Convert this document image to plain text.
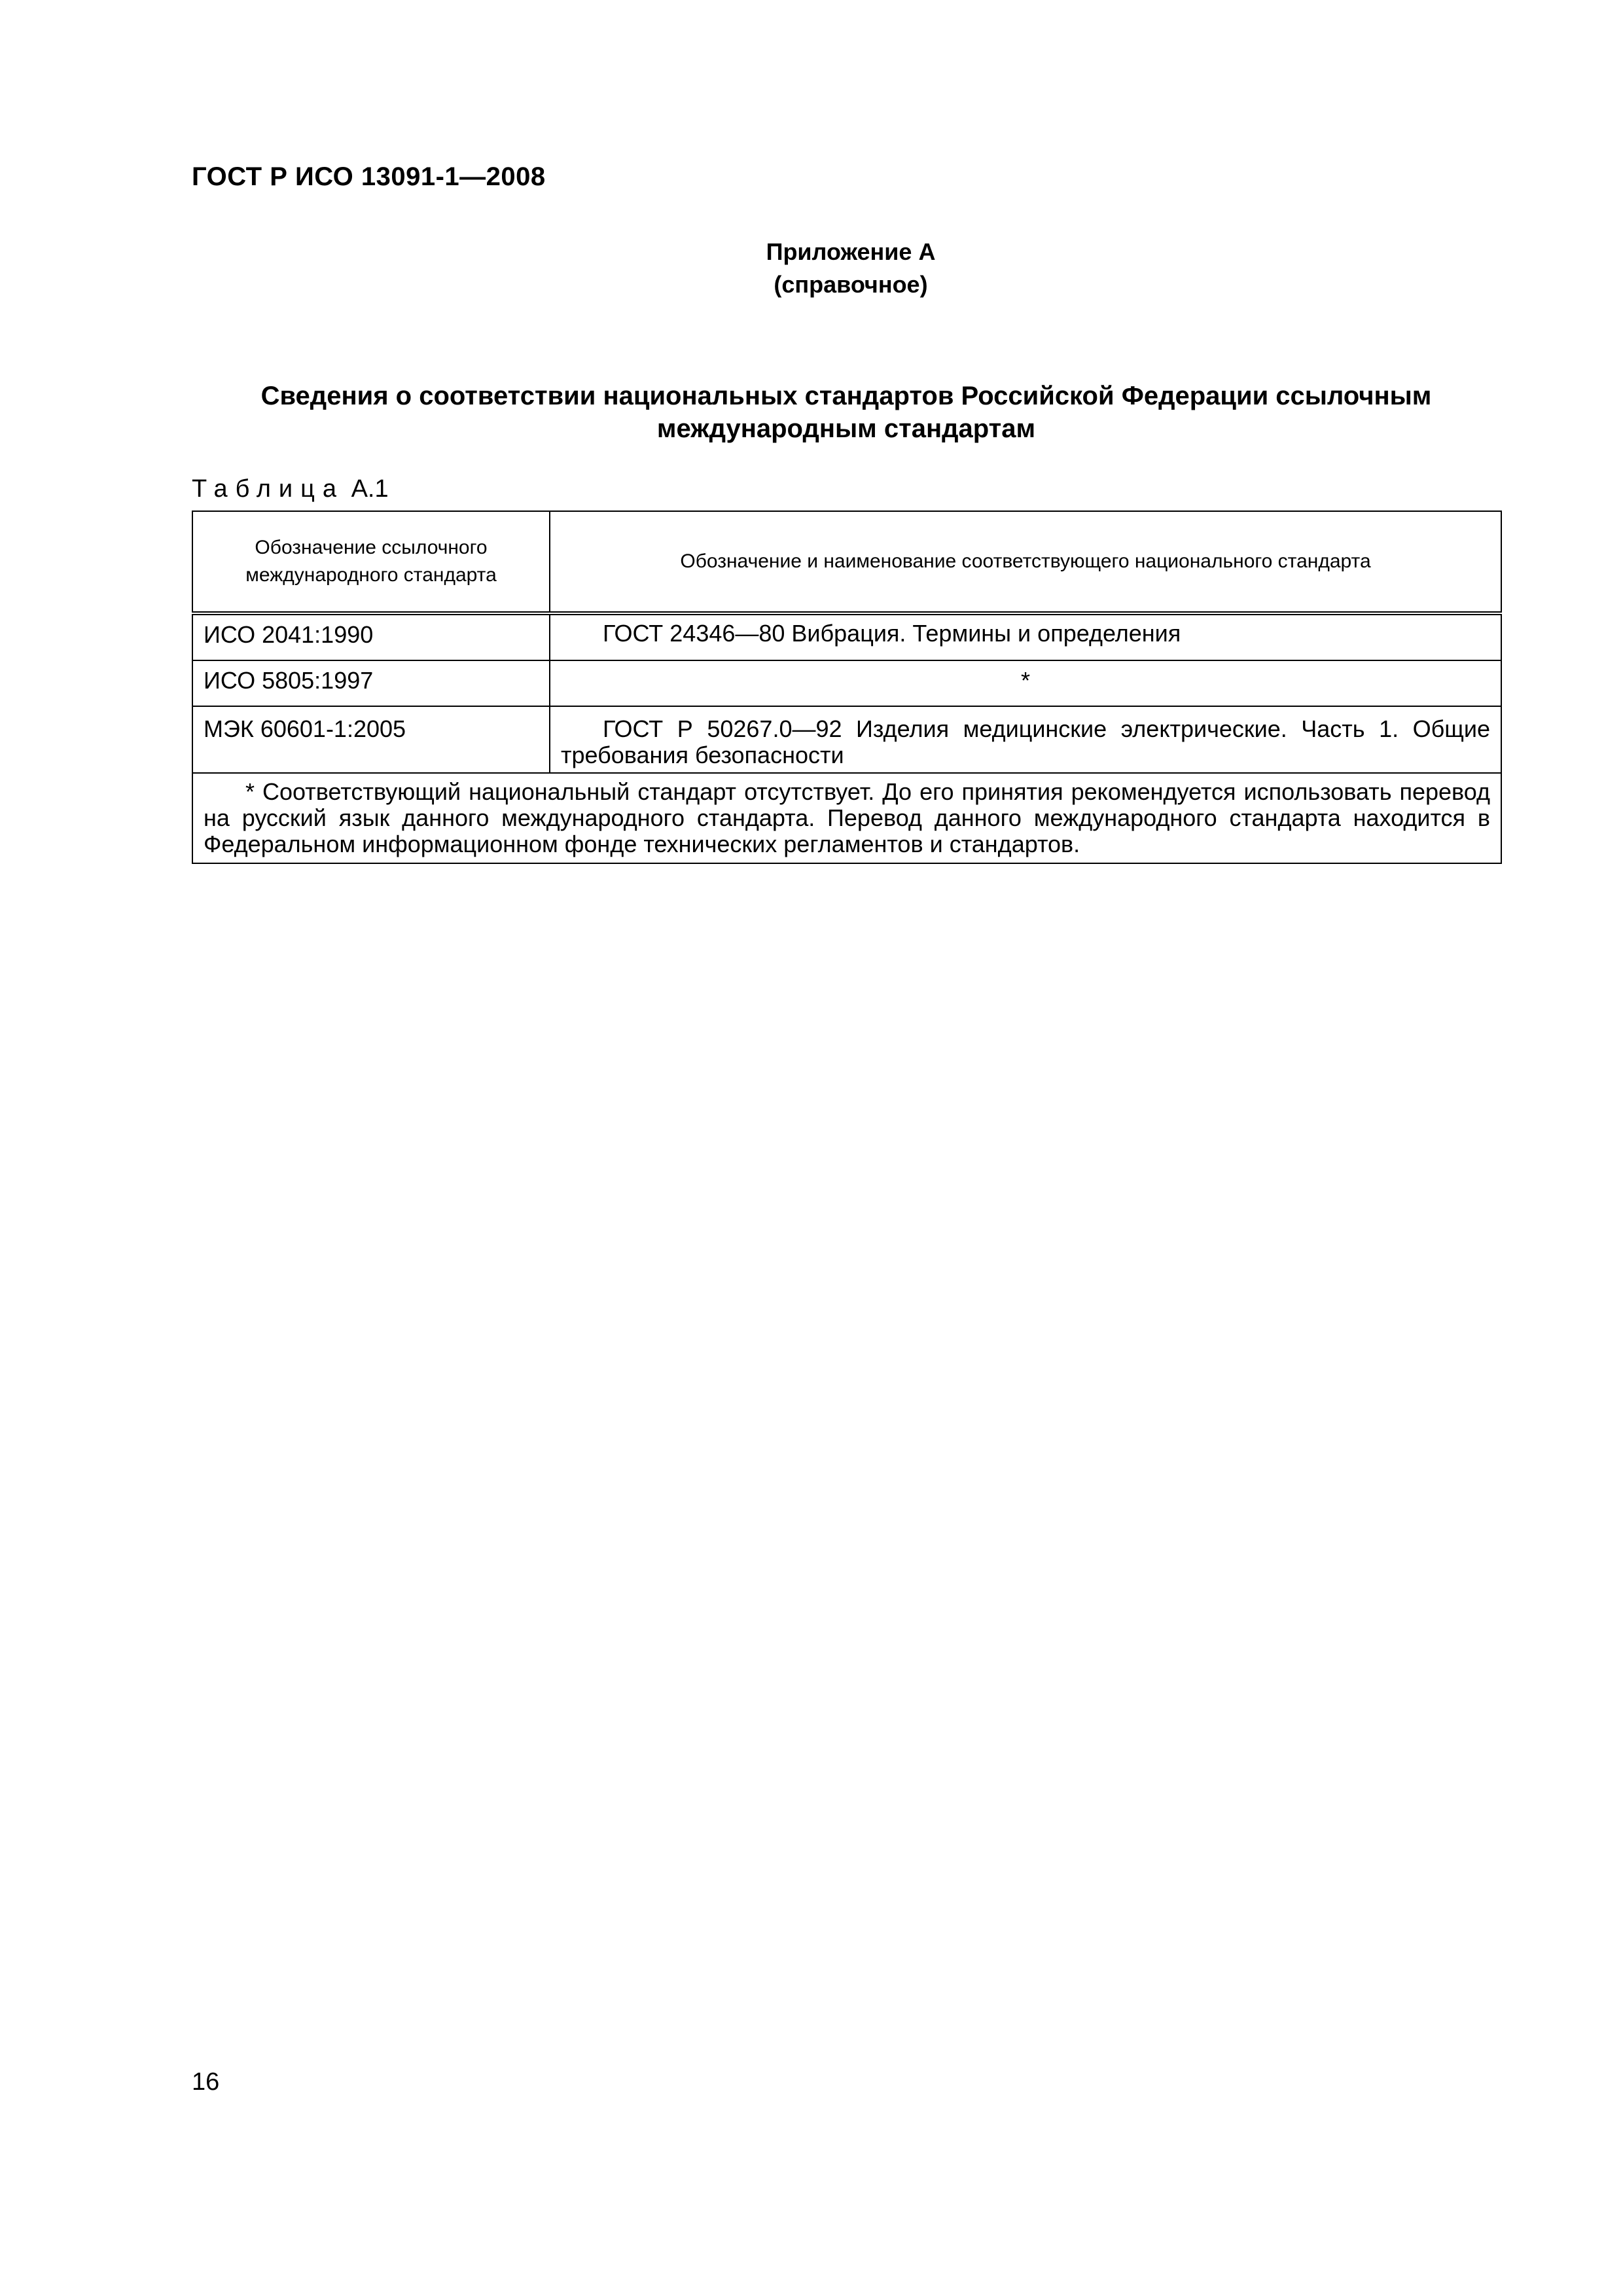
ГОСТ Р ИСО 13091-1—2008
Приложение А
(справочное)
Сведения о соответствии национальных стандартов Российской Федерации ссылочным
международным стандартам
Таблица А.1
Обозначение ссылочного международного стандарта	Обозначение и наименование соответствующего национального стандарта
ИСО 2041:1990	ГОСТ 24346—80 Вибрация. Термины и определения
ИСО 5805:1997	*
МЭК 60601-1:2005	ГОСТ Р 50267.0—92 Изделия медицинские электрические. Часть 1. Общие требования безопасности
* Соответствующий национальный стандарт отсутствует. До его принятия рекомендуется использовать перевод на русский язык данного международного стандарта. Перевод данного международного стандарта находится в Федеральном информационном фонде технических регламентов и стандартов.	
16
